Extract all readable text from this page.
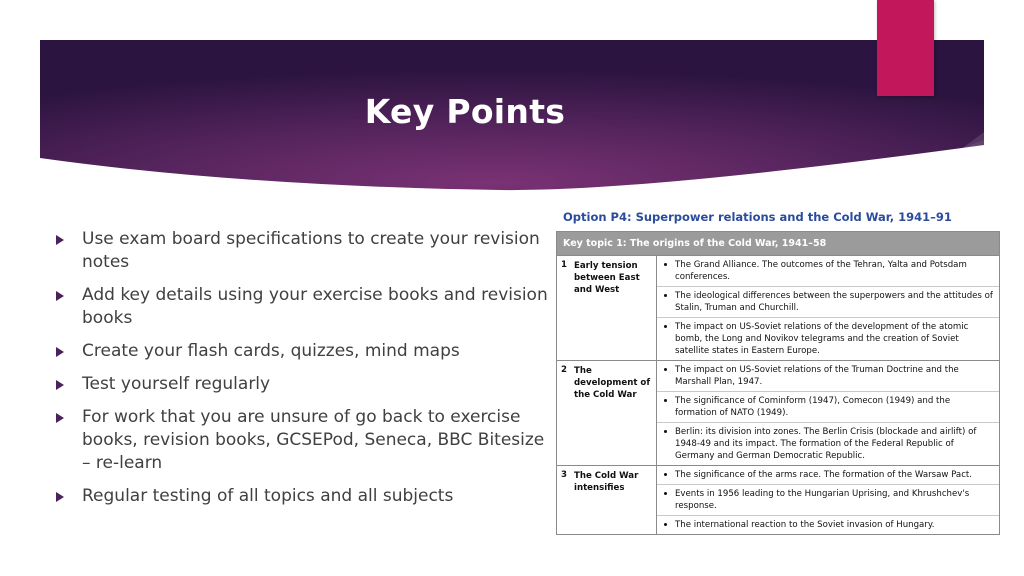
Key Points
Use exam board specifications to create your revision notes
Add key details using your exercise books and revision books
Create your flash cards, quizzes, mind maps
Test yourself regularly
For work that you are unsure of go back to exercise books, revision books, GCSEPod, Seneca, BBC Bitesize – re-learn
Regular testing of all topics and all subjects
Option P4: Superpower relations and the Cold War, 1941–91
Key topic 1: The origins of the Cold War, 1941–58
1 Early tension between East and West
The Grand Alliance. The outcomes of the Tehran, Yalta and Potsdam conferences.
The ideological differences between the superpowers and the attitudes of Stalin, Truman and Churchill.
The impact on US-Soviet relations of the development of the atomic bomb, the Long and Novikov telegrams and the creation of Soviet satellite states in Eastern Europe.
2 The development of the Cold War
The impact on US-Soviet relations of the Truman Doctrine and the Marshall Plan, 1947.
The significance of Cominform (1947), Comecon (1949) and the formation of NATO (1949).
Berlin: its division into zones. The Berlin Crisis (blockade and airlift) of 1948-49 and its impact. The formation of the Federal Republic of Germany and German Democratic Republic.
3 The Cold War intensifies
The significance of the arms race. The formation of the Warsaw Pact.
Events in 1956 leading to the Hungarian Uprising, and Khrushchev's response.
The international reaction to the Soviet invasion of Hungary.
